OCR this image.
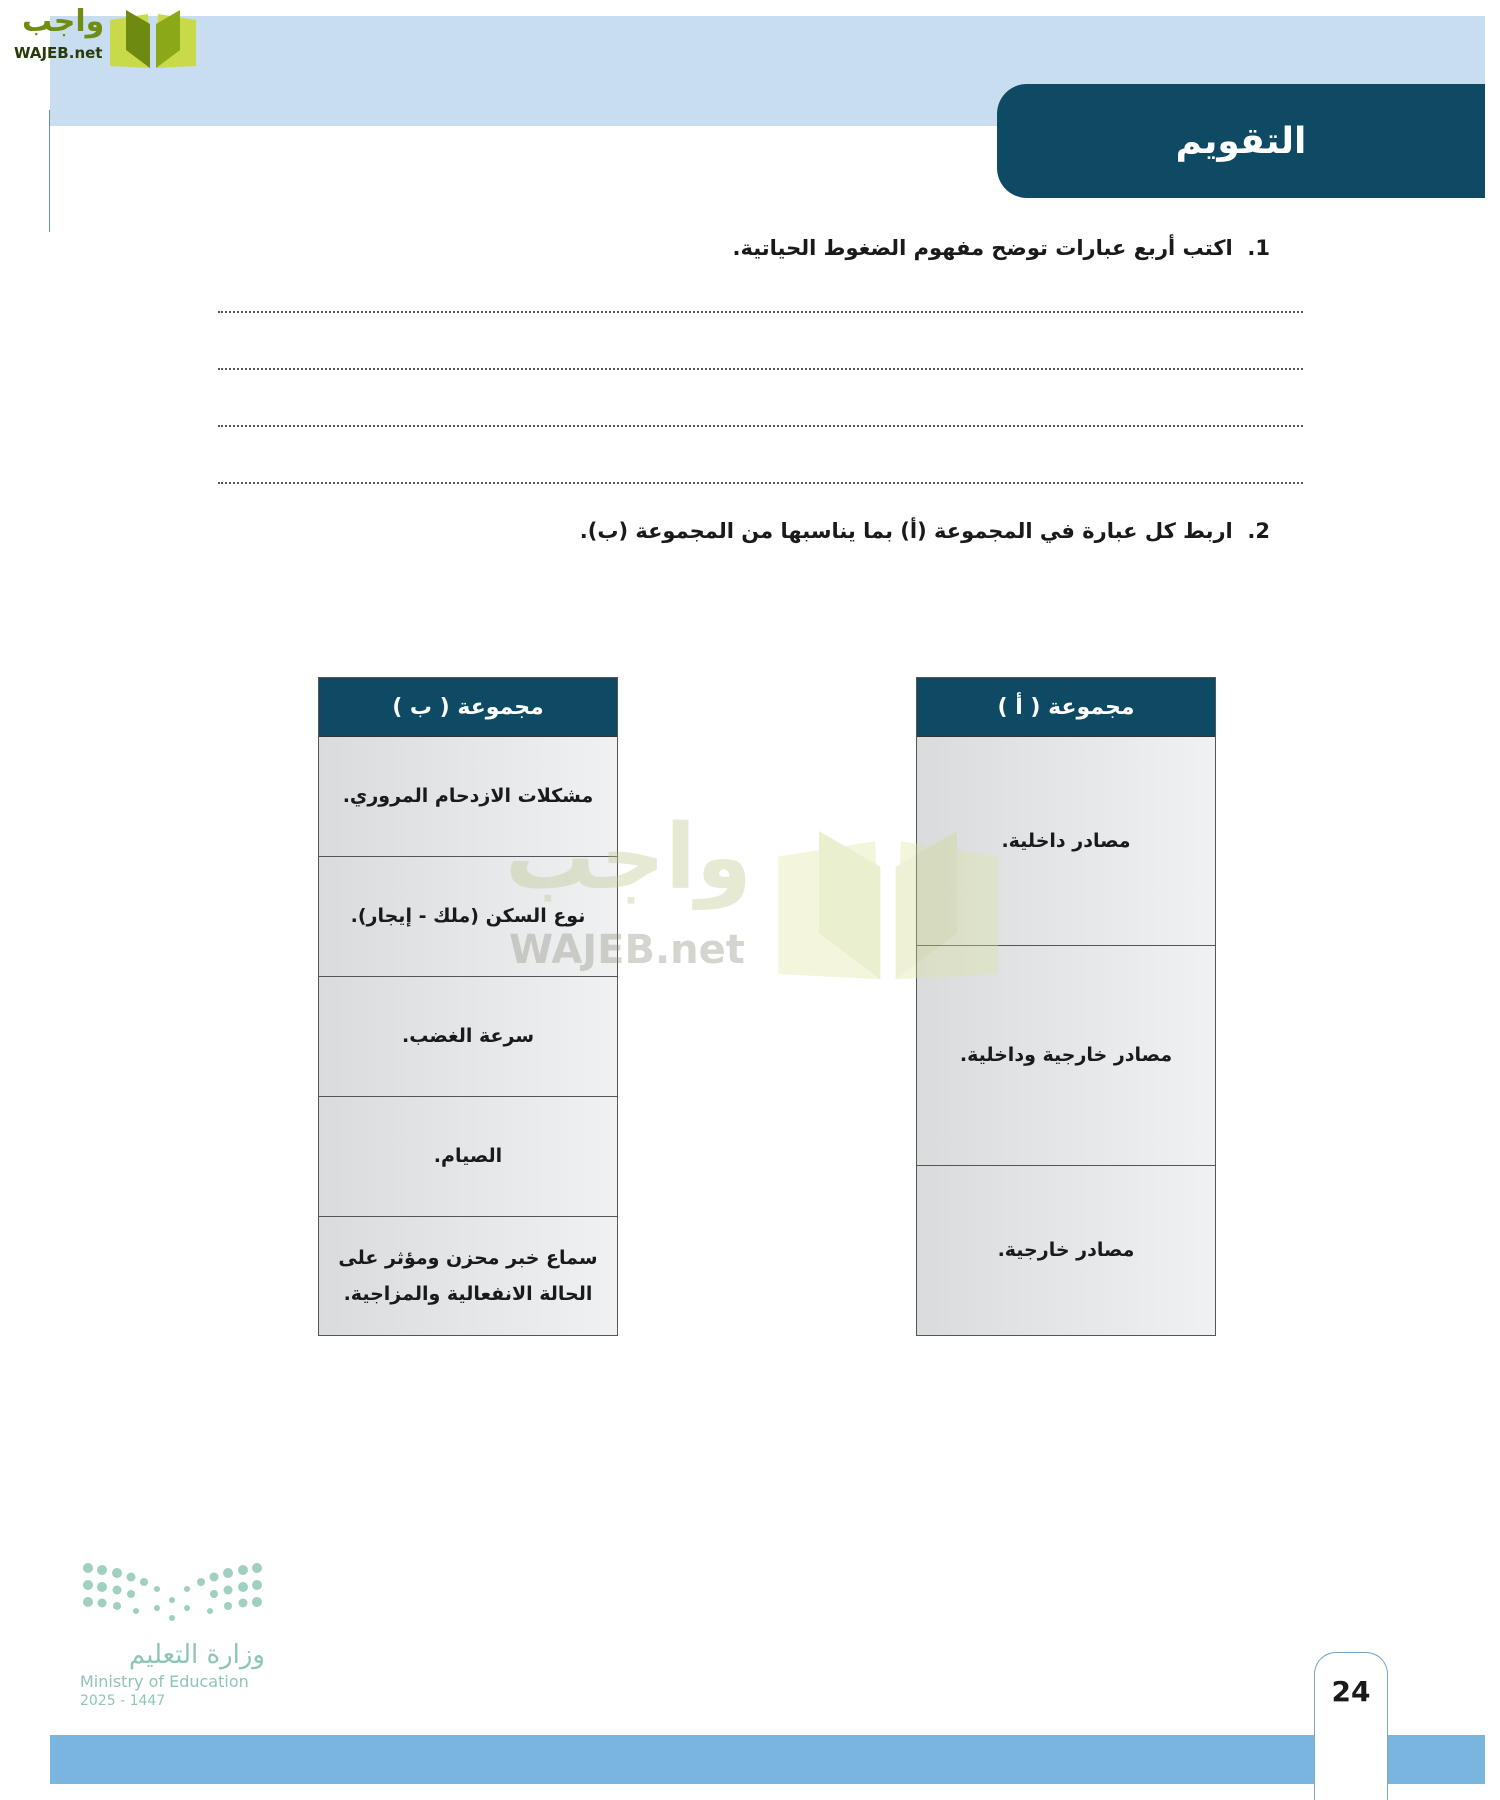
واجب
WAJEB.net
التقويم
1.  اكتب أربع عبارات توضح مفهوم الضغوط الحياتية.
2.  اربط كل عبارة في المجموعة (أ) بما يناسبها من المجموعة (ب).
مجموعة ( ب )
مشكلات الازدحام المروري.
نوع السكن (ملك - إيجار).
سرعة الغضب.
الصيام.
سماع خبر محزن ومؤثر على الحالة الانفعالية والمزاجية.
مجموعة ( أ )
مصادر داخلية.
مصادر خارجية وداخلية.
مصادر خارجية.
واجب
WAJEB.net
وزارة التعليم
Ministry of Education
2025 - 1447	24
